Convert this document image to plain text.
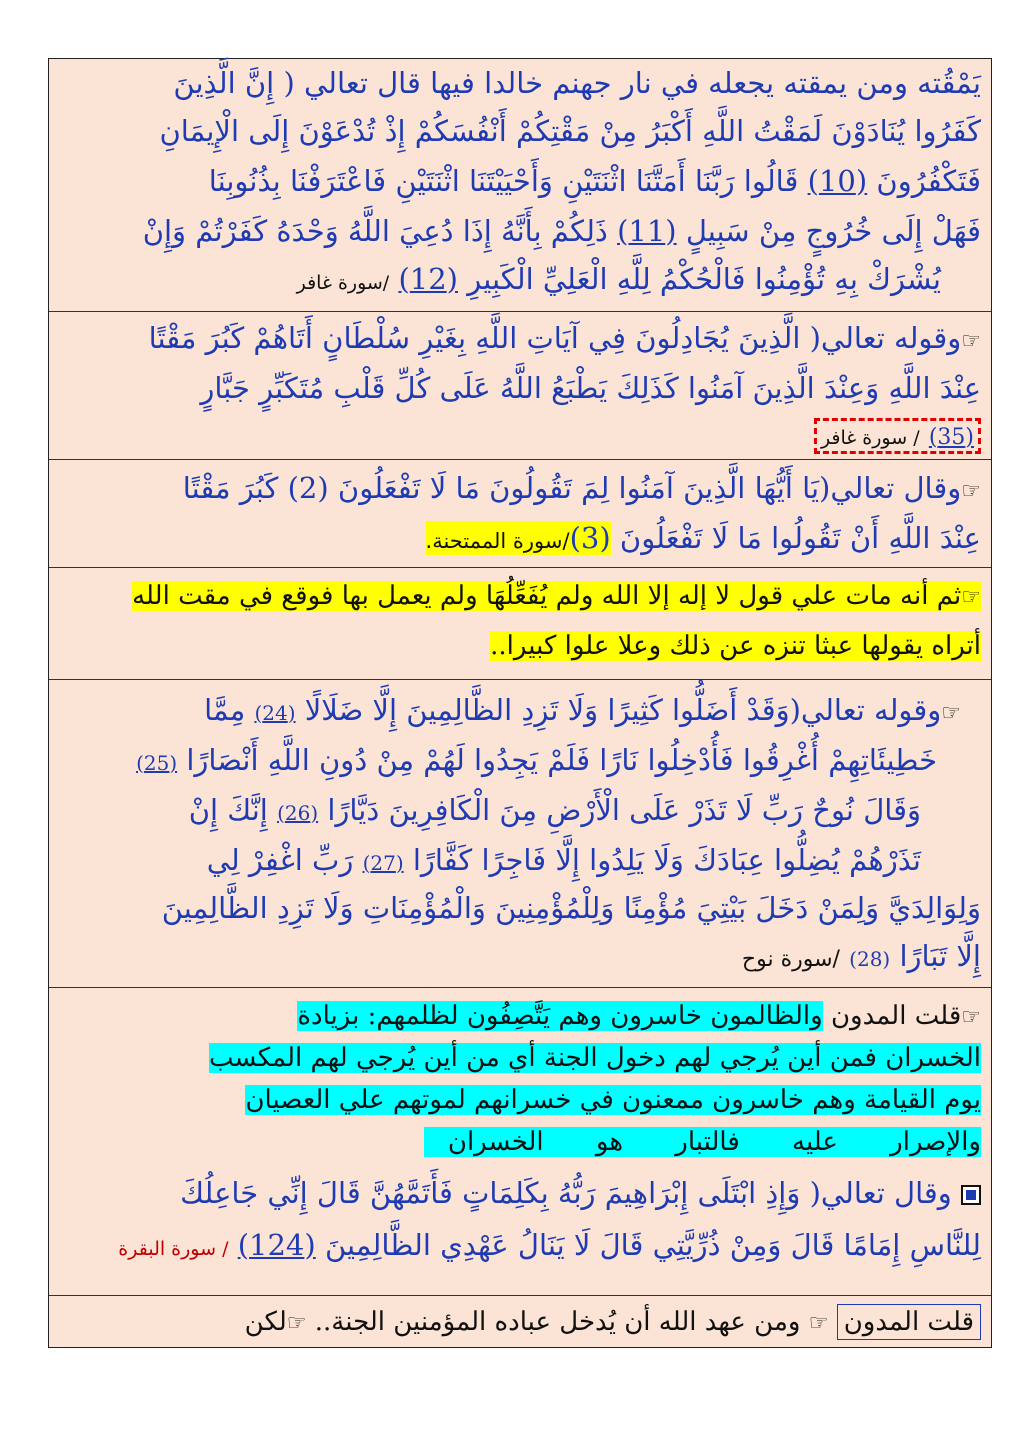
يَمْقُته ومن يمقته يجعله في نار جهنم خالدا فيها قال تعالي ( إِنَّ الَّذِينَ
كَفَرُوا يُنَادَوْنَ لَمَقْتُ اللَّهِ أَكْبَرُ مِنْ مَقْتِكُمْ أَنْفُسَكُمْ إِذْ تُدْعَوْنَ إِلَى الْإِيمَانِ
فَتَكْفُرُونَ (10) قَالُوا رَبَّنَا أَمَتَّنَا اثْنَتَيْنِ وَأَحْيَيْتَنَا اثْنَتَيْنِ فَاعْتَرَفْنَا بِذُنُوبِنَا
فَهَلْ إِلَى خُرُوجٍ مِنْ سَبِيلٍ (11) ذَلِكُمْ بِأَنَّهُ إِذَا دُعِيَ اللَّهُ وَحْدَهُ كَفَرْتُمْ وَإِنْ
يُشْرَكْ بِهِ تُؤْمِنُوا فَالْحُكْمُ لِلَّهِ الْعَلِيِّ الْكَبِيرِ (12) /سورة غافر
☞وقوله تعالي( الَّذِينَ يُجَادِلُونَ فِي آيَاتِ اللَّهِ بِغَيْرِ سُلْطَانٍ أَتَاهُمْ كَبُرَ مَقْتًا
عِنْدَ اللَّهِ وَعِنْدَ الَّذِينَ آمَنُوا كَذَلِكَ يَطْبَعُ اللَّهُ عَلَى كُلِّ قَلْبِ مُتَكَبِّرٍ جَبَّارٍ
(35) / سورة غافر
☞وقال تعالي(يَا أَيُّهَا الَّذِينَ آمَنُوا لِمَ تَقُولُونَ مَا لَا تَفْعَلُونَ (2) كَبُرَ مَقْتًا
عِنْدَ اللَّهِ أَنْ تَقُولُوا مَا لَا تَفْعَلُونَ (3)/سورة الممتحنة.
☞ثم أنه مات علي قول لا إله إلا الله ولم يُفَعِّلُهَا ولم يعمل بها فوقع في مقت الله
أتراه يقولها عبثا تنزه عن ذلك وعلا علوا كبيرا..
☞وقوله تعالي(وَقَدْ أَضَلُّوا كَثِيرًا وَلَا تَزِدِ الظَّالِمِينَ إِلَّا ضَلَالًا (24) مِمَّا
خَطِيئَاتِهِمْ أُغْرِقُوا فَأُدْخِلُوا نَارًا فَلَمْ يَجِدُوا لَهُمْ مِنْ دُونِ اللَّهِ أَنْصَارًا (25)
وَقَالَ نُوحٌ رَبِّ لَا تَذَرْ عَلَى الْأَرْضِ مِنَ الْكَافِرِينَ دَيَّارًا (26) إِنَّكَ إِنْ
تَذَرْهُمْ يُضِلُّوا عِبَادَكَ وَلَا يَلِدُوا إِلَّا فَاجِرًا كَفَّارًا (27) رَبِّ اغْفِرْ لِي
وَلِوَالِدَيَّ وَلِمَنْ دَخَلَ بَيْتِيَ مُؤْمِنًا وَلِلْمُؤْمِنِينَ وَالْمُؤْمِنَاتِ وَلَا تَزِدِ الظَّالِمِينَ
إِلَّا تَبَارًا (28) /سورة نوح
☞قلت المدون والظالمون خاسرون وهم يَتَّصِفُون لظلمهم: بزيادة
الخسران فمن أين يُرجي لهم دخول الجنة أي من أين يُرجي لهم المكسب
يوم القيامة وهم خاسرون ممعنون في خسرانهم لموتهم علي العصيان
والإصرار عليه فالتبار هو الخسران
وقال تعالي( وَإِذِ ابْتَلَى إِبْرَاهِيمَ رَبُّهُ بِكَلِمَاتٍ فَأَتَمَّهُنَّ قَالَ إِنِّي جَاعِلُكَ
لِلنَّاسِ إِمَامًا قَالَ وَمِنْ ذُرِّيَّتِي قَالَ لَا يَنَالُ عَهْدِي الظَّالِمِينَ (124) / سورة البقرة
قلت المدون ☞ ومن عهد الله أن يُدخل عباده المؤمنين الجنة.. ☞لكن
